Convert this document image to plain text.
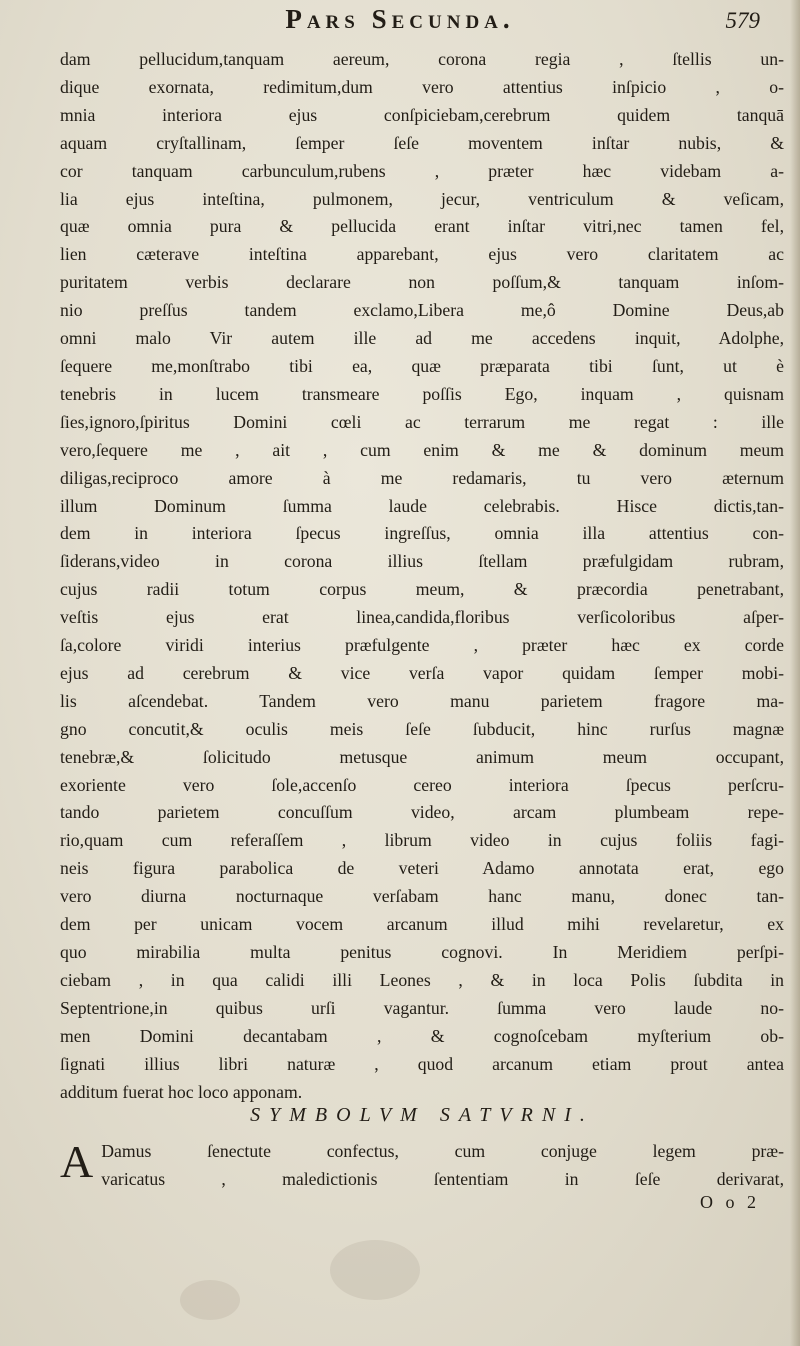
Pars Secunda.	579
dam pellucidum,tanquam aereum, corona regia , ſtellis un-
dique exornata, redimitum,dum vero attentius inſpicio , o-
mnia interiora ejus conſpiciebam,cerebrum quidem tanquā
aquam cryſtallinam, ſemper ſeſe moventem inſtar nubis, &
cor tanquam carbunculum,rubens , præter hæc videbam a-
lia ejus inteſtina, pulmonem, jecur, ventriculum & veſicam,
quæ omnia pura & pellucida erant inſtar vitri,nec tamen fel,
lien cæterave inteſtina apparebant, ejus vero claritatem ac
puritatem verbis declarare non poſſum,& tanquam inſom-
nio preſſus tandem exclamo,Libera me,ô Domine Deus,ab
omni malo Vir autem ille ad me accedens inquit, Adolphe,
ſequere me,monſtrabo tibi ea, quæ præparata tibi ſunt, ut è
tenebris in lucem transmeare poſſis Ego, inquam , quisnam
ſies,ignoro,ſpiritus Domini cœli ac terrarum me regat : ille
vero,ſequere me , ait , cum enim & me & dominum meum
diligas,reciproco amore à me redamaris, tu vero æternum
illum Dominum ſumma laude celebrabis. Hisce dictis,tan-
dem in interiora ſpecus ingreſſus, omnia illa attentius con-
ſiderans,video in corona illius ſtellam præfulgidam rubram,
cujus radii totum corpus meum, & præcordia penetrabant,
veſtis ejus erat linea,candida,floribus verſicoloribus aſper-
ſa,colore viridi interius præfulgente , præter hæc ex corde
ejus ad cerebrum & vice verſa vapor quidam ſemper mobi-
lis aſcendebat. Tandem vero manu parietem fragore ma-
gno concutit,& oculis meis ſeſe ſubducit, hinc rurſus magnæ
tenebræ,& ſolicitudo metusque animum meum occupant,
exoriente vero ſole,accenſo cereo interiora ſpecus perſcru-
tando parietem concuſſum video, arcam plumbeam repe-
rio,quam cum referaſſem , librum video in cujus foliis fagi-
neis figura parabolica de veteri Adamo annotata erat, ego
vero diurna nocturnaque verſabam hanc manu, donec tan-
dem per unicam vocem arcanum illud mihi revelaretur, ex
quo mirabilia multa penitus cognovi. In Meridiem perſpi-
ciebam , in qua calidi illi Leones , & in loca Polis ſubdita in
Septentrione,in quibus urſi vagantur. ſumma vero laude no-
men Domini decantabam , & cognoſcebam myſterium ob-
ſignati illius libri naturæ , quod arcanum etiam prout antea
additum fuerat hoc loco apponam.
SYMBOLVM SATVRNI.
A Damus ſenectute confectus, cum conjuge legem præ-
varicatus , maledictionis ſententiam in ſeſe derivarat,
O o 2
